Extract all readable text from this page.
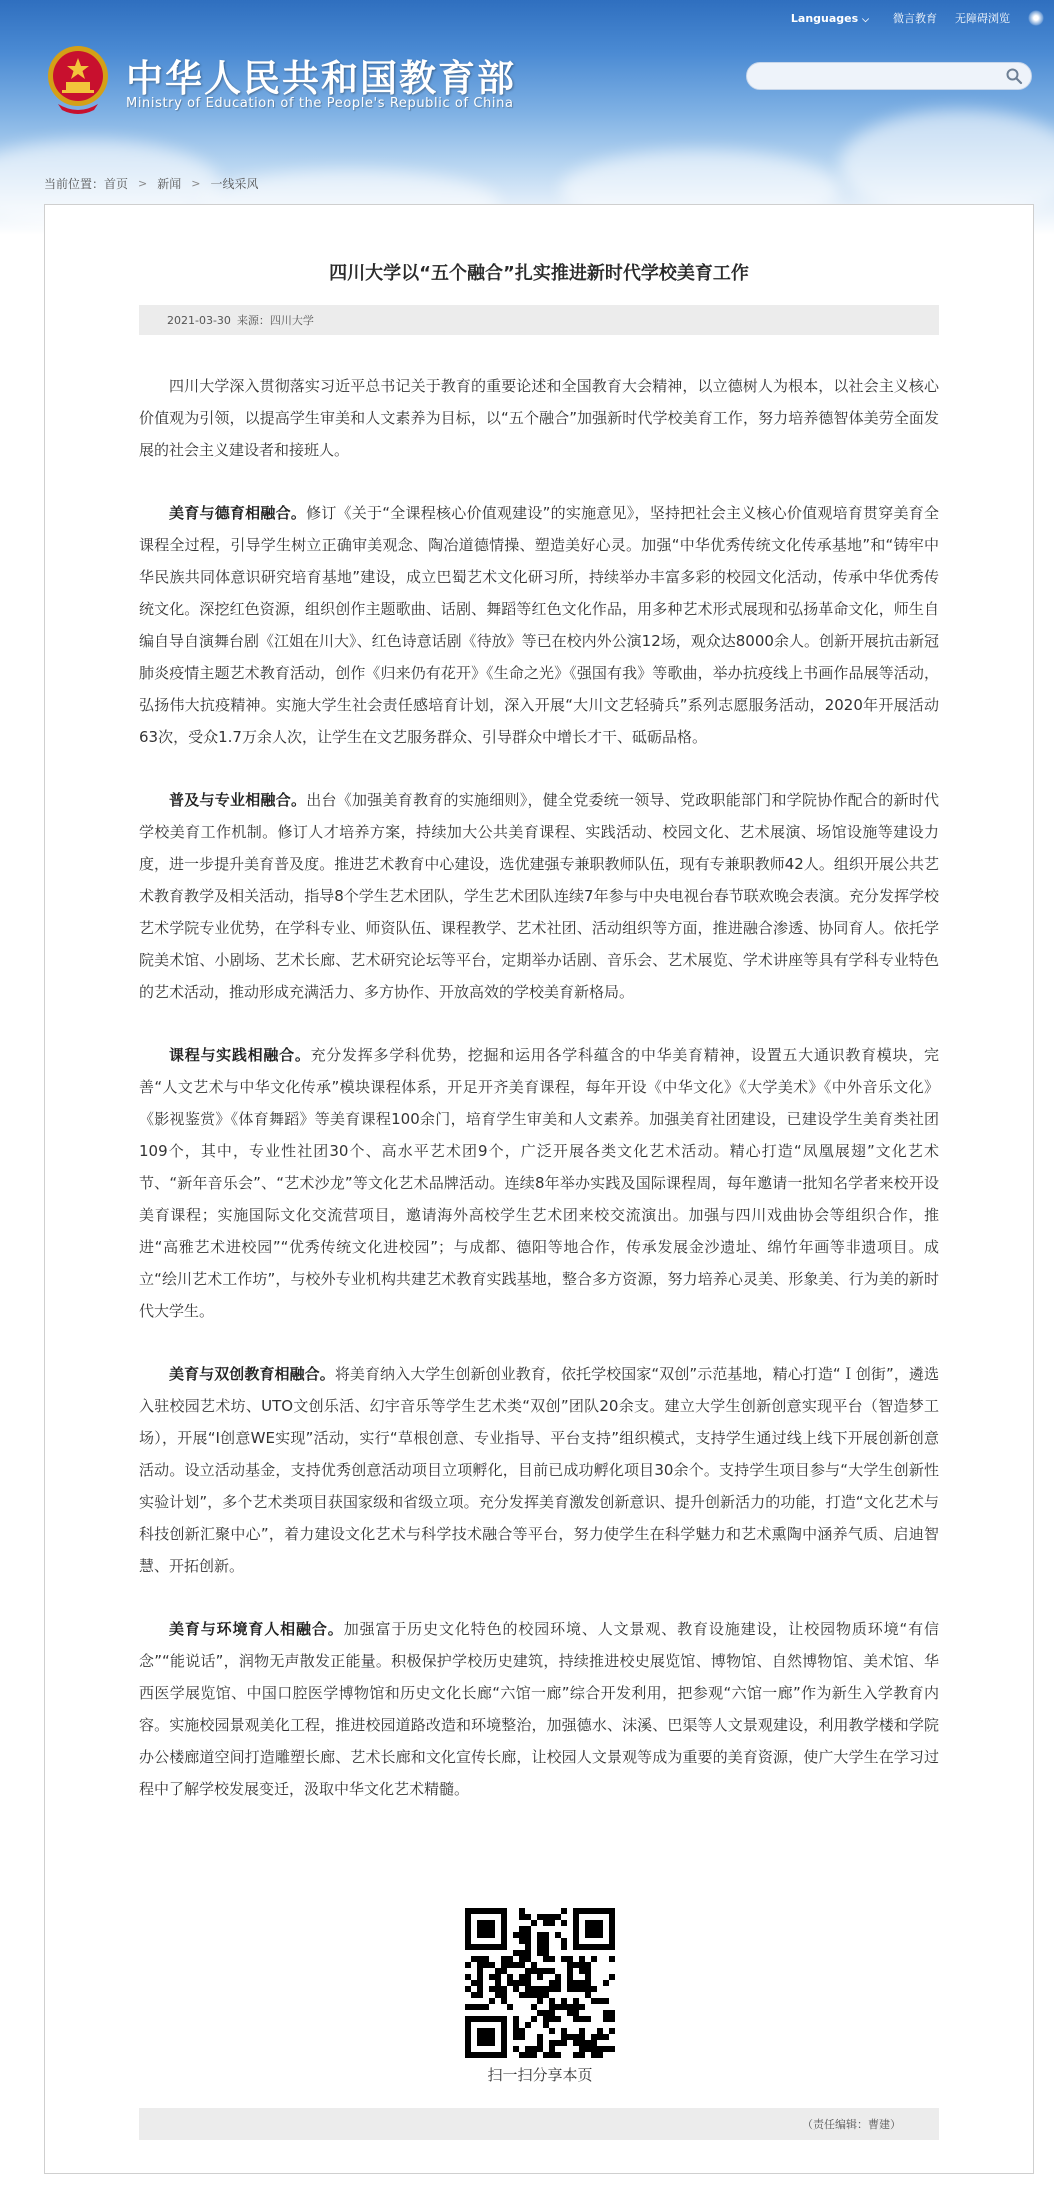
Languages ⌵ 微言教育 无障碍浏览
中华人民共和国教育部
Ministry of Education of the People's Republic of China
当前位置： 首页 > 新闻 > 一线采风
四川大学以“五个融合”扎实推进新时代学校美育工作
2021-03-30 来源：四川大学

四川大学深入贯彻落实习近平总书记关于教育的重要论述和全国教育大会精神，以立德树人为根本，以社会主义核心价值观为引领，以提高学生审美和人文素养为目标，以“五个融合”加强新时代学校美育工作，努力培养德智体美劳全面发展的社会主义建设者和接班人。

美育与德育相融合。修订《关于“全课程核心价值观建设”的实施意见》，坚持把社会主义核心价值观培育贯穿美育全课程全过程，引导学生树立正确审美观念、陶冶道德情操、塑造美好心灵。加强“中华优秀传统文化传承基地”和“铸牢中华民族共同体意识研究培育基地”建设，成立巴蜀艺术文化研习所，持续举办丰富多彩的校园文化活动，传承中华优秀传统文化。深挖红色资源，组织创作主题歌曲、话剧、舞蹈等红色文化作品，用多种艺术形式展现和弘扬革命文化，师生自编自导自演舞台剧《江姐在川大》、红色诗意话剧《待放》等已在校内外公演12场，观众达8000余人。创新开展抗击新冠肺炎疫情主题艺术教育活动，创作《归来仍有花开》《生命之光》《强国有我》等歌曲，举办抗疫线上书画作品展等活动，弘扬伟大抗疫精神。实施大学生社会责任感培育计划，深入开展“大川文艺轻骑兵”系列志愿服务活动，2020年开展活动63次，受众1.7万余人次，让学生在文艺服务群众、引导群众中增长才干、砥砺品格。

普及与专业相融合。出台《加强美育教育的实施细则》，健全党委统一领导、党政职能部门和学院协作配合的新时代学校美育工作机制。修订人才培养方案，持续加大公共美育课程、实践活动、校园文化、艺术展演、场馆设施等建设力度，进一步提升美育普及度。推进艺术教育中心建设，选优建强专兼职教师队伍，现有专兼职教师42人。组织开展公共艺术教育教学及相关活动，指导8个学生艺术团队，学生艺术团队连续7年参与中央电视台春节联欢晚会表演。充分发挥学校艺术学院专业优势，在学科专业、师资队伍、课程教学、艺术社团、活动组织等方面，推进融合渗透、协同育人。依托学院美术馆、小剧场、艺术长廊、艺术研究论坛等平台，定期举办话剧、音乐会、艺术展览、学术讲座等具有学科专业特色的艺术活动，推动形成充满活力、多方协作、开放高效的学校美育新格局。

课程与实践相融合。充分发挥多学科优势，挖掘和运用各学科蕴含的中华美育精神，设置五大通识教育模块，完善“人文艺术与中华文化传承”模块课程体系，开足开齐美育课程，每年开设《中华文化》《大学美术》《中外音乐文化》《影视鉴赏》《体育舞蹈》等美育课程100余门，培育学生审美和人文素养。加强美育社团建设，已建设学生美育类社团109个，其中，专业性社团30个、高水平艺术团9个，广泛开展各类文化艺术活动。精心打造“凤凰展翅”文化艺术节、“新年音乐会”、“艺术沙龙”等文化艺术品牌活动。连续8年举办实践及国际课程周，每年邀请一批知名学者来校开设美育课程；实施国际文化交流营项目，邀请海外高校学生艺术团来校交流演出。加强与四川戏曲协会等组织合作，推进“高雅艺术进校园”“优秀传统文化进校园”；与成都、德阳等地合作，传承发展金沙遗址、绵竹年画等非遗项目。成立“绘川艺术工作坊”，与校外专业机构共建艺术教育实践基地，整合多方资源，努力培养心灵美、形象美、行为美的新时代大学生。

美育与双创教育相融合。将美育纳入大学生创新创业教育，依托学校国家“双创”示范基地，精心打造“Ｉ创街”，遴选入驻校园艺术坊、UTO文创乐活、幻宇音乐等学生艺术类“双创”团队20余支。建立大学生创新创意实现平台（智造梦工场），开展“I创意WE实现”活动，实行“草根创意、专业指导、平台支持”组织模式，支持学生通过线上线下开展创新创意活动。设立活动基金，支持优秀创意活动项目立项孵化，目前已成功孵化项目30余个。支持学生项目参与“大学生创新性实验计划”，多个艺术类项目获国家级和省级立项。充分发挥美育激发创新意识、提升创新活力的功能，打造“文化艺术与科技创新汇聚中心”，着力建设文化艺术与科学技术融合等平台，努力使学生在科学魅力和艺术熏陶中涵养气质、启迪智慧、开拓创新。

美育与环境育人相融合。加强富于历史文化特色的校园环境、人文景观、教育设施建设，让校园物质环境“有信念”“能说话”，润物无声散发正能量。积极保护学校历史建筑，持续推进校史展览馆、博物馆、自然博物馆、美术馆、华西医学展览馆、中国口腔医学博物馆和历史文化长廊“六馆一廊”综合开发利用，把参观“六馆一廊”作为新生入学教育内容。实施校园景观美化工程，推进校园道路改造和环境整治，加强德水、沫溪、巴渠等人文景观建设，利用教学楼和学院办公楼廊道空间打造雕塑长廊、艺术长廊和文化宣传长廊，让校园人文景观等成为重要的美育资源，使广大学生在学习过程中了解学校发展变迁，汲取中华文化艺术精髓。

扫一扫分享本页
（责任编辑：曹建）
